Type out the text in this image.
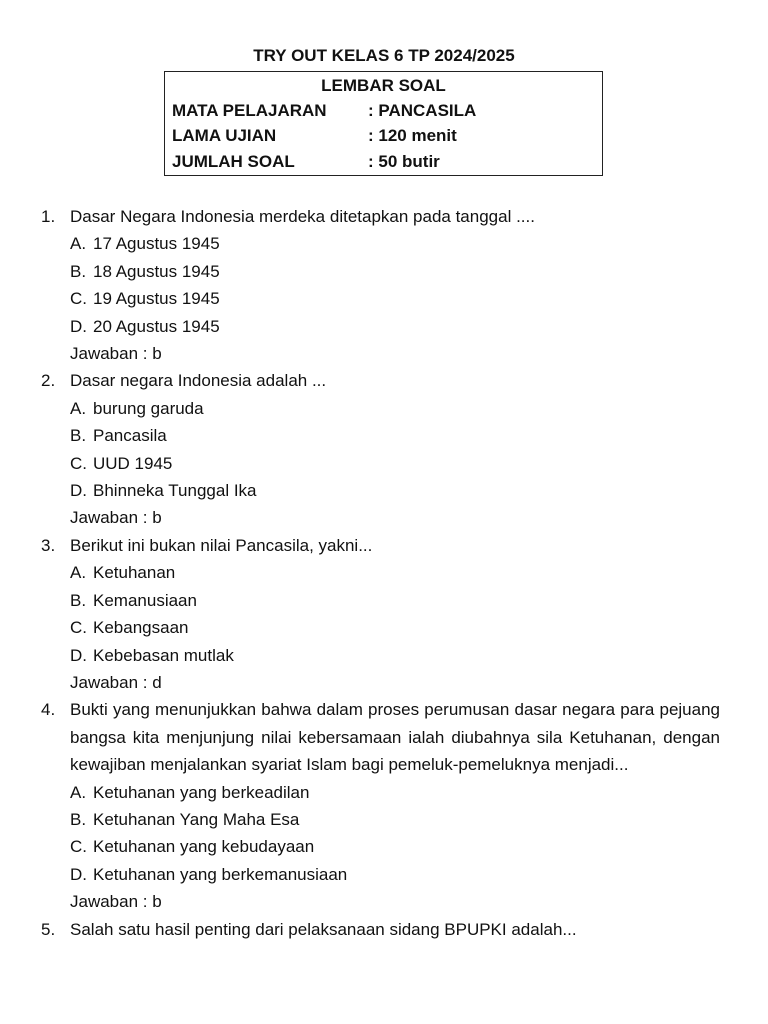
TRY OUT KELAS 6 TP 2024/2025
LEMBAR SOAL
MATA PELAJARAN : PANCASILA
LAMA UJIAN	: 120 menit
JUMLAH SOAL	: 50 butir
1. Dasar Negara Indonesia merdeka ditetapkan pada tanggal ....
A. 17 Agustus 1945
B. 18 Agustus 1945
C. 19 Agustus 1945
D. 20 Agustus 1945
Jawaban : b
2. Dasar negara Indonesia adalah ...
A. burung garuda
B. Pancasila
C. UUD 1945
D. Bhinneka Tunggal Ika
Jawaban : b
3. Berikut ini bukan nilai Pancasila, yakni...
A. Ketuhanan
B. Kemanusiaan
C. Kebangsaan
D. Kebebasan mutlak
Jawaban : d
4. Bukti yang menunjukkan bahwa dalam proses perumusan dasar negara para pejuang bangsa kita menjunjung nilai kebersamaan ialah diubahnya sila Ketuhanan, dengan kewajiban menjalankan syariat Islam bagi pemeluk-pemeluknya menjadi...
A. Ketuhanan yang berkeadilan
B. Ketuhanan Yang Maha Esa
C. Ketuhanan yang kebudayaan
D. Ketuhanan yang berkemanusiaan
Jawaban : b
5. Salah satu hasil penting dari pelaksanaan sidang BPUPKI adalah...
